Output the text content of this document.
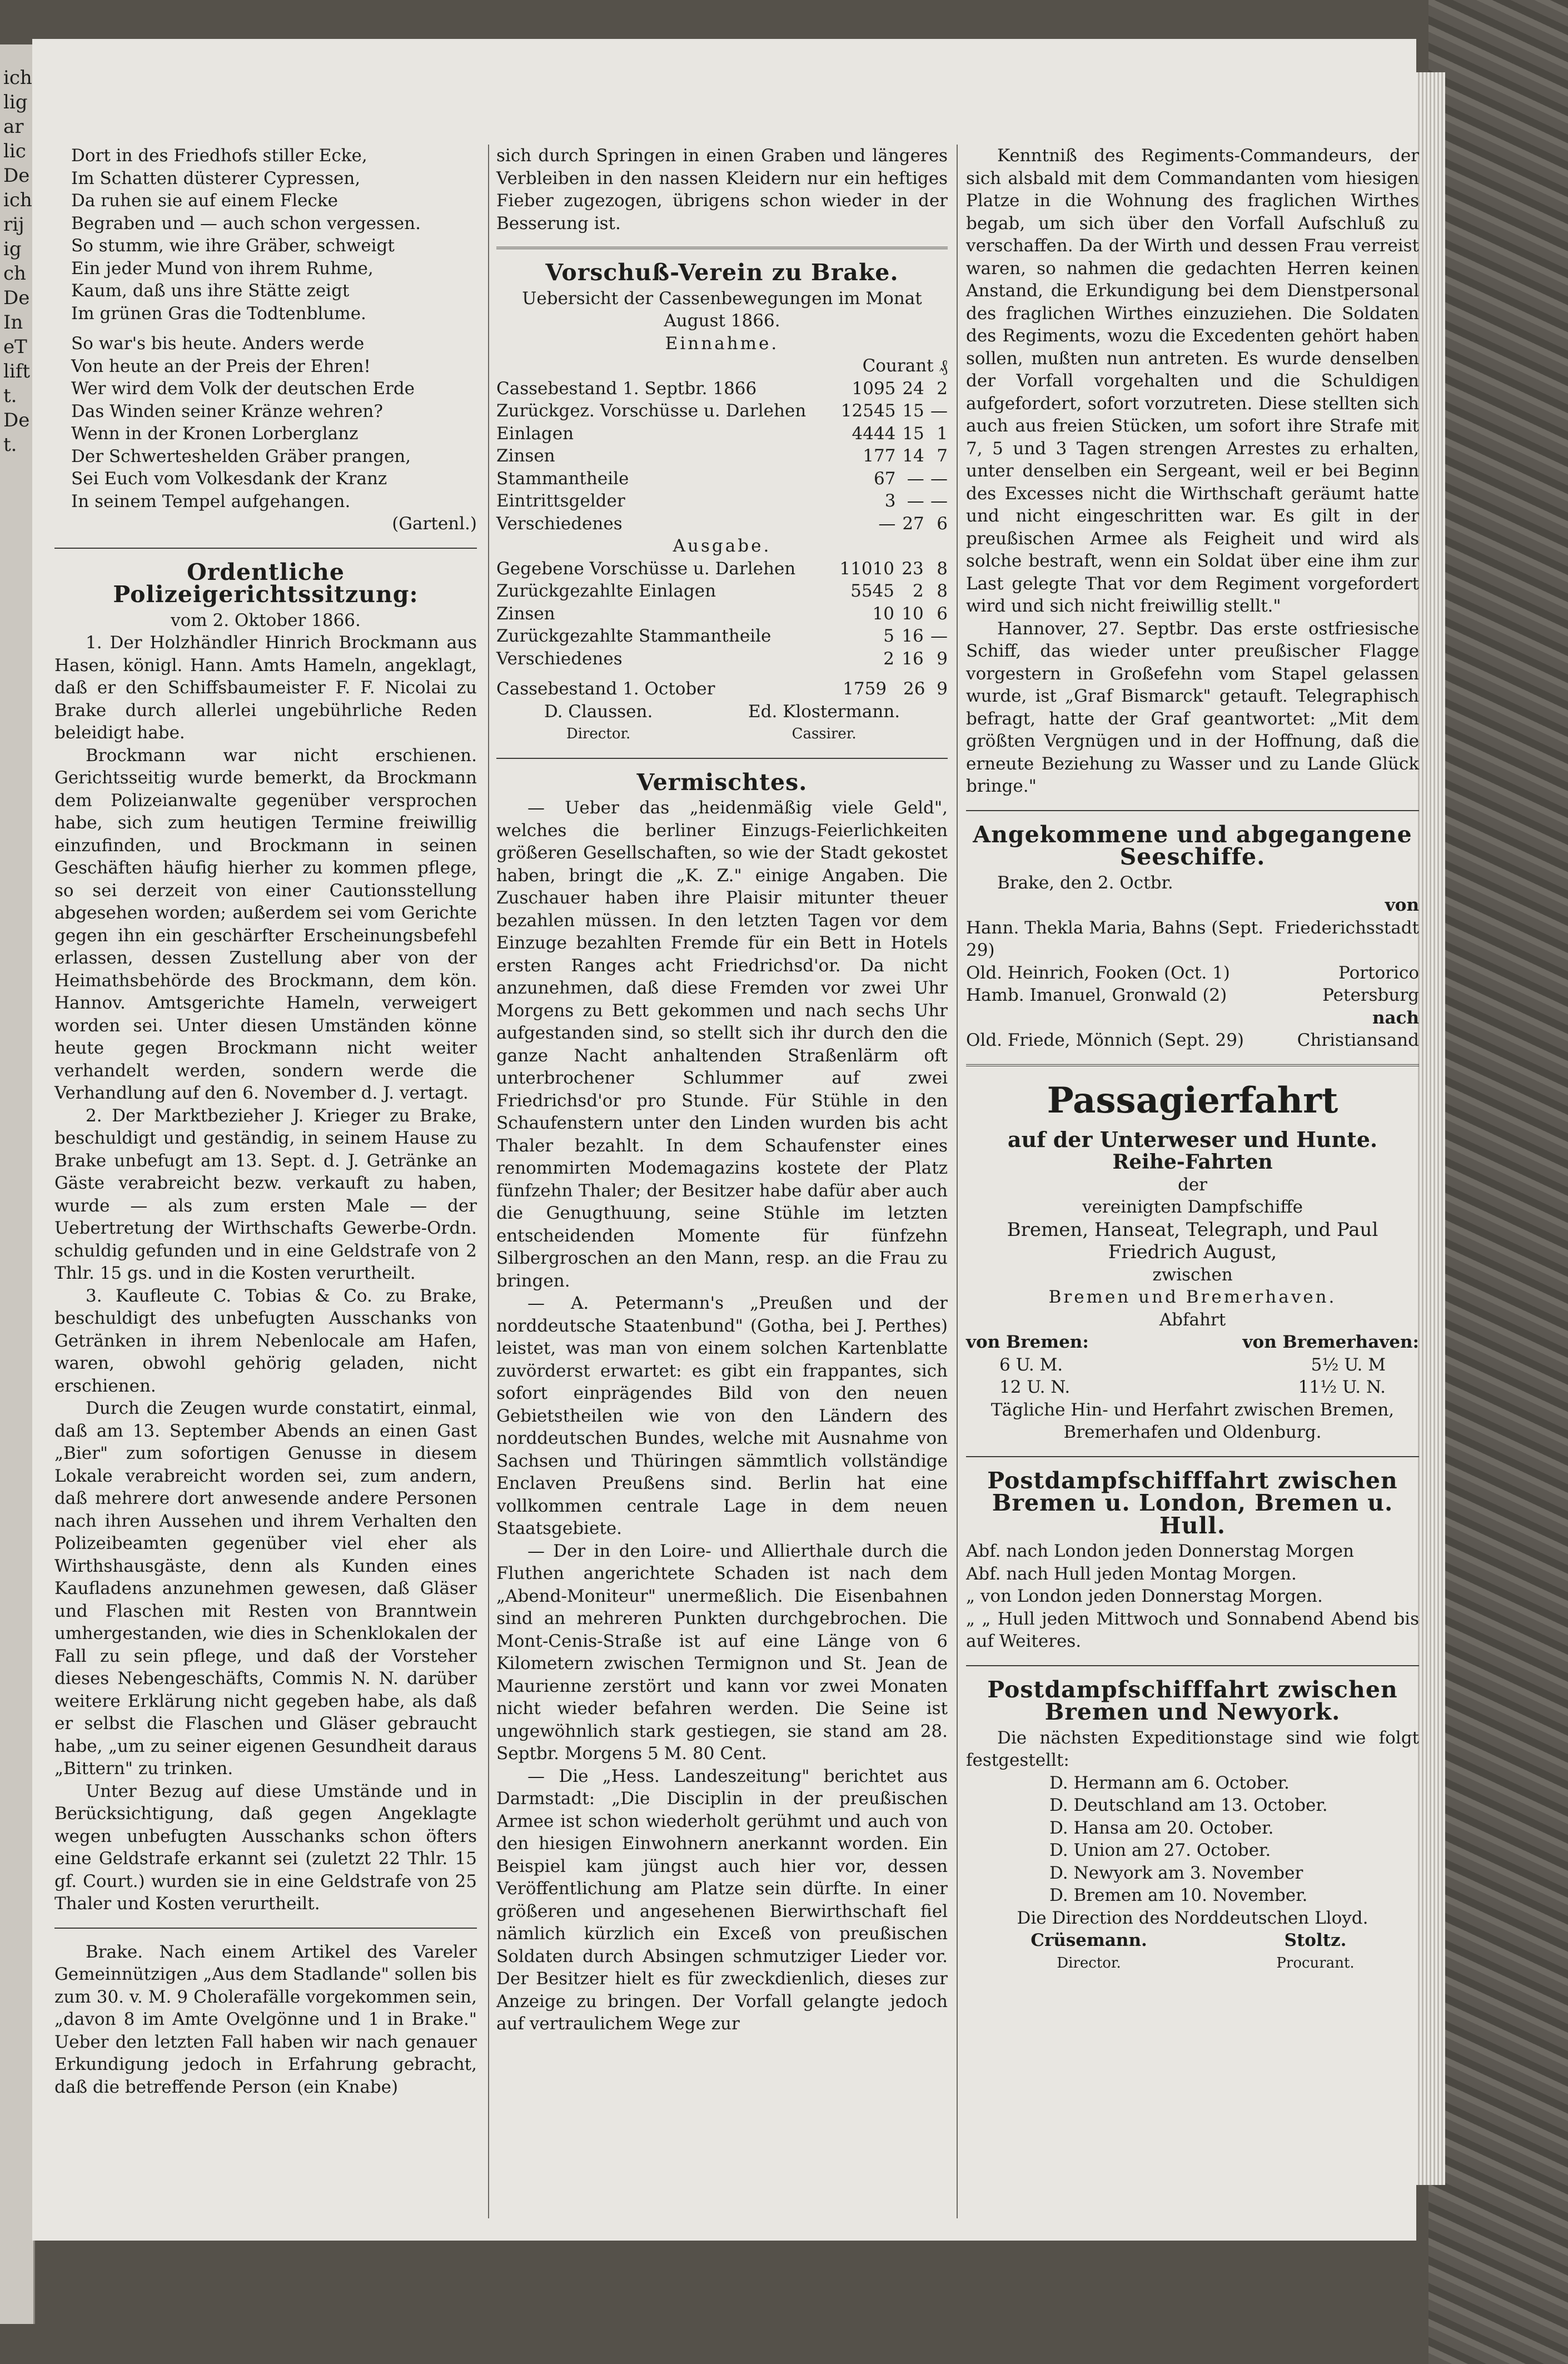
ich
lig
ar
lic
De
ich
rij
ig
ch
De
In
eT
lift
t.
De
t.

Dort in des Friedhofs stiller Ecke,

Im Schatten düsterer Cypressen,

Da ruhen sie auf einem Flecke

Begraben und — auch schon vergessen.

So stumm, wie ihre Gräber, schweigt

Ein jeder Mund von ihrem Ruhme,

Kaum, daß uns ihre Stätte zeigt

Im grünen Gras die Todtenblume.

So war's bis heute. Anders werde

Von heute an der Preis der Ehren!

Wer wird dem Volk der deutschen Erde

Das Winden seiner Kränze wehren?

Wenn in der Kronen Lorberglanz

Der Schwerteshelden Gräber prangen,

Sei Euch vom Volkesdank der Kranz

In seinem Tempel aufgehangen.

(Gartenl.)

Ordentliche Polizeigerichtssitzung:

vom 2. Oktober 1866.

1. Der Holzhändler Hinrich Brockmann aus Hasen, königl. Hann. Amts Hameln, angeklagt, daß er den Schiffsbaumeister F. F. Nicolai zu Brake durch allerlei ungebührliche Reden beleidigt habe.

Brockmann war nicht erschienen. Gerichtsseitig wurde bemerkt, da Brockmann dem Polizeianwalte gegenüber versprochen habe, sich zum heutigen Termine freiwillig einzufinden, und Brockmann in seinen Geschäften häufig hierher zu kommen pflege, so sei derzeit von einer Cautionsstellung abgesehen worden; außerdem sei vom Gerichte gegen ihn ein geschärfter Erscheinungsbefehl erlassen, dessen Zustellung aber von der Heimathsbehörde des Brockmann, dem kön. Hannov. Amtsgerichte Hameln, verweigert worden sei. Unter diesen Umständen könne heute gegen Brockmann nicht weiter verhandelt werden, sondern werde die Verhandlung auf den 6. November d. J. vertagt.

2. Der Marktbezieher J. Krieger zu Brake, beschuldigt und geständig, in seinem Hause zu Brake unbefugt am 13. Sept. d. J. Getränke an Gäste verabreicht bezw. verkauft zu haben, wurde — als zum ersten Male — der Uebertretung der Wirthschafts Gewerbe-Ordn. schuldig gefunden und in eine Geldstrafe von 2 Thlr. 15 gs. und in die Kosten verurtheilt.

3. Kaufleute C. Tobias & Co. zu Brake, beschuldigt des unbefugten Ausschanks von Getränken in ihrem Nebenlocale am Hafen, waren, obwohl gehörig geladen, nicht erschienen.

Durch die Zeugen wurde constatirt, einmal, daß am 13. September Abends an einen Gast „Bier" zum sofortigen Genusse in diesem Lokale verabreicht worden sei, zum andern, daß mehrere dort anwesende andere Personen nach ihren Aussehen und ihrem Verhalten den Polizeibeamten gegenüber viel eher als Wirthshausgäste, denn als Kunden eines Kaufladens anzunehmen gewesen, daß Gläser und Flaschen mit Resten von Branntwein umhergestanden, wie dies in Schenklokalen der Fall zu sein pflege, und daß der Vorsteher dieses Nebengeschäfts, Commis N. N. darüber weitere Erklärung nicht gegeben habe, als daß er selbst die Flaschen und Gläser gebraucht habe, „um zu seiner eigenen Gesundheit daraus „Bittern" zu trinken.

Unter Bezug auf diese Umstände und in Berücksichtigung, daß gegen Angeklagte wegen unbefugten Ausschanks schon öfters eine Geldstrafe erkannt sei (zuletzt 22 Thlr. 15 gf. Court.) wurden sie in eine Geldstrafe von 25 Thaler und Kosten verurtheilt.

Brake. Nach einem Artikel des Vareler Gemeinnützigen „Aus dem Stadlande" sollen bis zum 30. v. M. 9 Cholerafälle vorgekommen sein, „davon 8 im Amte Ovelgönne und 1 in Brake." Ueber den letzten Fall haben wir nach genauer Erkundigung jedoch in Erfahrung gebracht, daß die betreffende Person (ein Knabe)

sich durch Springen in einen Graben und längeres Verbleiben in den nassen Kleidern nur ein heftiges Fieber zugezogen, übrigens schon wieder in der Besserung ist.

Vorschuß-Verein zu Brake.

Uebersicht der Cassenbewegungen im Monat August 1866.

Einnahme.

Courant ₰

Cassebestand 1. Septbr. 1866	1095	24	2
Zurückgez. Vorschüsse u. Darlehen	12545	15	—
Einlagen	4444	15	1
Zinsen	177	14	7
Stammantheile	67	—	—
Eintrittsgelder	3	—	—
Verschiedenes	—	27	6

Ausgabe.

Gegebene Vorschüsse u. Darlehen	11010	23	8
Zurückgezahlte Einlagen	5545	2	8
Zinsen	10	10	6
Zurückgezahlte Stammantheile	5	16	—
Verschiedenes	2	16	9
Cassebestand 1. October	1759	26	9
D. Claussen.
Director.
Ed. Klostermann.
Cassirer.

Vermischtes.

— Ueber das „heidenmäßig viele Geld", welches die berliner Einzugs-Feierlichkeiten größeren Gesellschaften, so wie der Stadt gekostet haben, bringt die „K. Z." einige Angaben. Die Zuschauer haben ihre Plaisir mitunter theuer bezahlen müssen. In den letzten Tagen vor dem Einzuge bezahlten Fremde für ein Bett in Hotels ersten Ranges acht Friedrichsd'or. Da nicht anzunehmen, daß diese Fremden vor zwei Uhr Morgens zu Bett gekommen und nach sechs Uhr aufgestanden sind, so stellt sich ihr durch den die ganze Nacht anhaltenden Straßenlärm oft unterbrochener Schlummer auf zwei Friedrichsd'or pro Stunde. Für Stühle in den Schaufenstern unter den Linden wurden bis acht Thaler bezahlt. In dem Schaufenster eines renommirten Modemagazins kostete der Platz fünfzehn Thaler; der Besitzer habe dafür aber auch die Genugthuung, seine Stühle im letzten entscheidenden Momente für fünfzehn Silbergroschen an den Mann, resp. an die Frau zu bringen.

— A. Petermann's „Preußen und der norddeutsche Staatenbund" (Gotha, bei J. Perthes) leistet, was man von einem solchen Kartenblatte zuvörderst erwartet: es gibt ein frappantes, sich sofort einprägendes Bild von den neuen Gebietstheilen wie von den Ländern des norddeutschen Bundes, welche mit Ausnahme von Sachsen und Thüringen sämmtlich vollständige Enclaven Preußens sind. Berlin hat eine vollkommen centrale Lage in dem neuen Staatsgebiete.

— Der in den Loire- und Allierthale durch die Fluthen angerichtete Schaden ist nach dem „Abend-Moniteur" unermeßlich. Die Eisenbahnen sind an mehreren Punkten durchgebrochen. Die Mont-Cenis-Straße ist auf eine Länge von 6 Kilometern zwischen Termignon und St. Jean de Maurienne zerstört und kann vor zwei Monaten nicht wieder befahren werden. Die Seine ist ungewöhnlich stark gestiegen, sie stand am 28. Septbr. Morgens 5 M. 80 Cent.

— Die „Hess. Landeszeitung" berichtet aus Darmstadt: „Die Disciplin in der preußischen Armee ist schon wiederholt gerühmt und auch von den hiesigen Einwohnern anerkannt worden. Ein Beispiel kam jüngst auch hier vor, dessen Veröffentlichung am Platze sein dürfte. In einer größeren und angesehenen Bierwirthschaft fiel nämlich kürzlich ein Exceß von preußischen Soldaten durch Absingen schmutziger Lieder vor. Der Besitzer hielt es für zweckdienlich, dieses zur Anzeige zu bringen. Der Vorfall gelangte jedoch auf vertraulichem Wege zur

Kenntniß des Regiments-Commandeurs, der sich alsbald mit dem Commandanten vom hiesigen Platze in die Wohnung des fraglichen Wirthes begab, um sich über den Vorfall Aufschluß zu verschaffen. Da der Wirth und dessen Frau verreist waren, so nahmen die gedachten Herren keinen Anstand, die Erkundigung bei dem Dienstpersonal des fraglichen Wirthes einzuziehen. Die Soldaten des Regiments, wozu die Excedenten gehört haben sollen, mußten nun antreten. Es wurde denselben der Vorfall vorgehalten und die Schuldigen aufgefordert, sofort vorzutreten. Diese stellten sich auch aus freien Stücken, um sofort ihre Strafe mit 7, 5 und 3 Tagen strengen Arrestes zu erhalten, unter denselben ein Sergeant, weil er bei Beginn des Excesses nicht die Wirthschaft geräumt hatte und nicht eingeschritten war. Es gilt in der preußischen Armee als Feigheit und wird als solche bestraft, wenn ein Soldat über eine ihm zur Last gelegte That vor dem Regiment vorgefordert wird und sich nicht freiwillig stellt."

Hannover, 27. Septbr. Das erste ostfriesische Schiff, das wieder unter preußischer Flagge vorgestern in Großefehn vom Stapel gelassen wurde, ist „Graf Bismarck" getauft. Telegraphisch befragt, hatte der Graf geantwortet: „Mit dem größten Vergnügen und in der Hoffnung, daß die erneute Beziehung zu Wasser und zu Lande Glück bringe."

Angekommene und abgegangene Seeschiffe.

Brake, den 2. Octbr.

von

Hann. Thekla Maria, Bahns (Sept. 29)	Friederichsstadt
Old. Heinrich, Fooken (Oct. 1)	Portorico
Hamb. Imanuel, Gronwald (2)	Petersburg

nach

Old. Friede, Mönnich (Sept. 29)	Christiansand

Passagierfahrt

auf der Unterweser und Hunte.

Reihe-Fahrten

der

vereinigten Dampfschiffe

Bremen, Hanseat, Telegraph, und Paul Friedrich August,

zwischen

Bremen und Bremerhaven.

Abfahrt

von Bremen:	von Bremerhaven:
6 U. M.	5½ U. M
12 U. N.	11½ U. N.

Tägliche Hin- und Herfahrt zwischen Bremen, Bremerhafen und Oldenburg.

Postdampfschifffahrt zwischen Bremen u. London, Bremen u. Hull.

Abf. nach London jeden Donnerstag Morgen

Abf. nach Hull jeden Montag Morgen.

„ von London jeden Donnerstag Morgen.

„ „ Hull jeden Mittwoch und Sonnabend Abend bis auf Weiteres.

Postdampfschifffahrt zwischen Bremen und Newyork.

Die nächsten Expeditionstage sind wie folgt festgestellt:

D. Hermann am 6. October.

D. Deutschland am 13. October.

D. Hansa am 20. October.

D. Union am 27. October.

D. Newyork am 3. November

D. Bremen am 10. November.

Die Direction des Norddeutschen Lloyd.

Crüsemann.
Director.
Stoltz.
Procurant.
